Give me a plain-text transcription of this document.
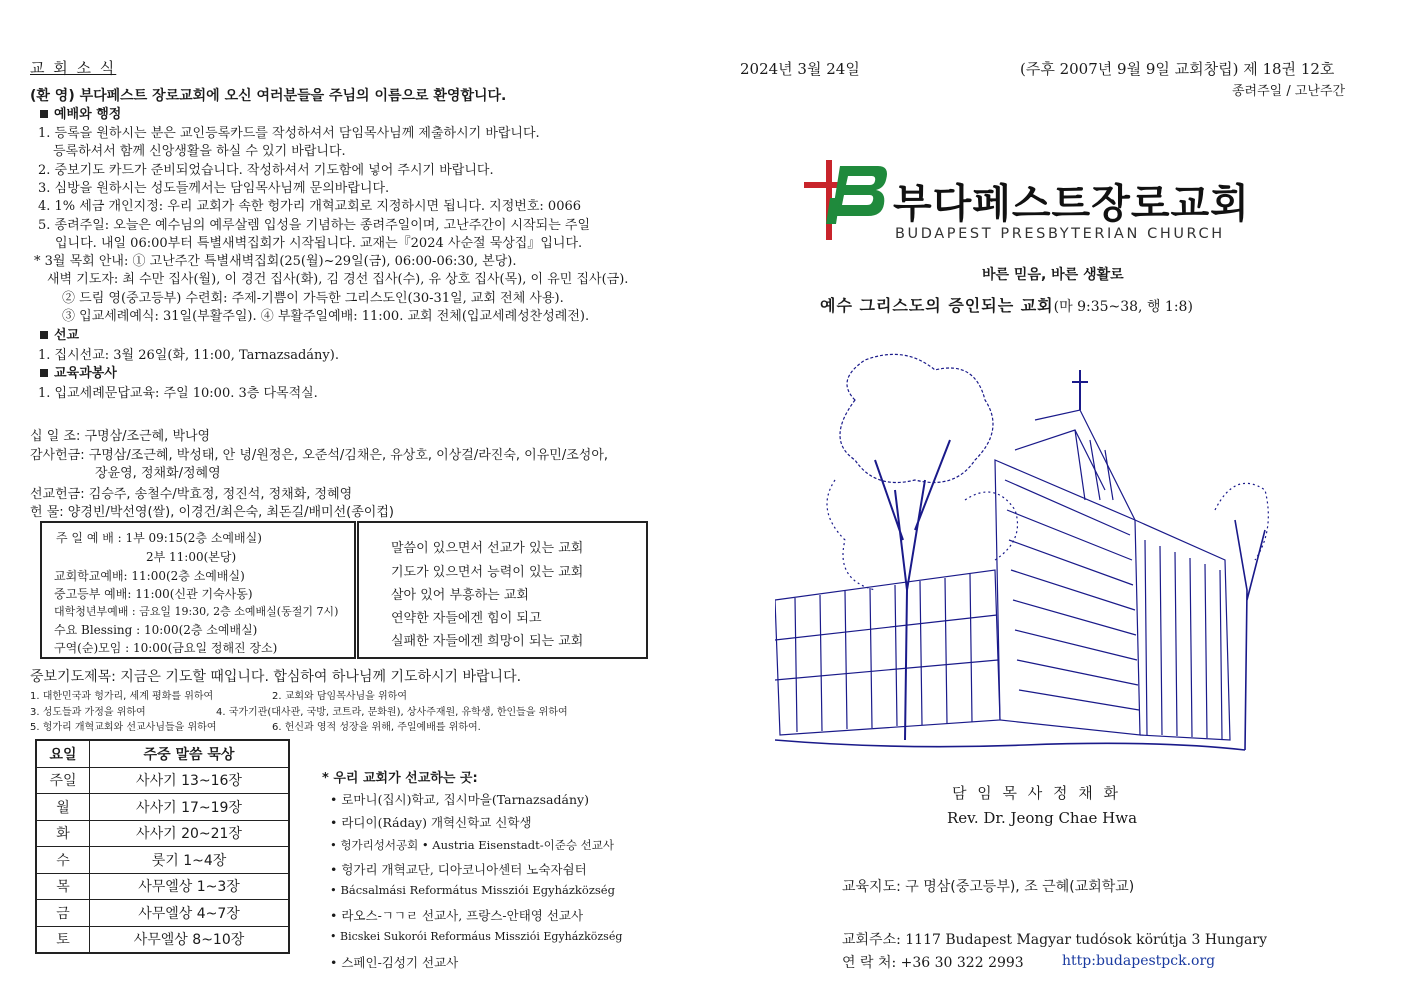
교 회 소 식
(환 영) 부다페스트 장로교회에 오신 여러분들을 주님의 이름으로 환영합니다.
예배와 행정
1. 등록을 원하시는 분은 교인등록카드를 작성하셔서 담임목사님께 제출하시기 바랍니다.
등록하셔서 함께 신앙생활을 하실 수 있기 바랍니다.
2. 중보기도 카드가 준비되었습니다. 작성하셔서 기도함에 넣어 주시기 바랍니다.
3. 심방을 원하시는 성도들께서는 담임목사님께 문의바랍니다.
4. 1% 세금 개인지정: 우리 교회가 속한 헝가리 개혁교회로 지정하시면 됩니다. 지정번호: 0066
5. 종려주일: 오늘은 예수님의 예루살렘 입성을 기념하는 종려주일이며, 고난주간이 시작되는 주일
입니다. 내일 06:00부터 특별새벽집회가 시작됩니다. 교재는『2024 사순절 묵상집』입니다.
* 3월 목회 안내: ① 고난주간 특별새벽집회(25(월)~29일(금), 06:00-06:30, 본당).
새벽 기도자: 최 수만 집사(월), 이 경건 집사(화), 김 경선 집사(수), 유 상호 집사(목), 이 유민 집사(금).
② 드림 영(중고등부) 수련회: 주제-기쁨이 가득한 그리스도인(30-31일, 교회 전체 사용).
③ 입교세례예식: 31일(부활주일). ④ 부활주일예배: 11:00. 교회 전체(입교세례성찬성례전).
선교
1. 집시선교: 3월 26일(화, 11:00, Tarnazsadány).
교육과봉사
1. 입교세례문답교육: 주일 10:00. 3층 다목적실.
십 일 조: 구명삼/조근혜, 박나영
감사헌금: 구명삼/조근혜, 박성태, 안 녕/원정은, 오준석/김채은, 유상호, 이상걸/라진숙, 이유민/조성아,
장윤영, 정채화/정혜영
선교헌금: 김승주, 송철수/박효정, 정진석, 정채화, 정혜영
헌 물: 양경빈/박선영(쌀), 이경건/최은숙, 최돈길/배미선(종이컵)
주 일 예 배 : 1부 09:15(2층 소예배실)
2부 11:00(본당)
교회학교예배: 11:00(2층 소예배실)
중고등부 예배: 11:00(신관 기숙사동)
대학청년부예배 : 금요일 19:30, 2층 소예배실(동절기 7시)
수요 Blessing : 10:00(2층 소예배실)
구역(순)모임 : 10:00(금요일 정해진 장소)
말씀이 있으면서 선교가 있는 교회
기도가 있으면서 능력이 있는 교회
살아 있어 부흥하는 교회
연약한 자들에겐 힘이 되고
실패한 자들에겐 희망이 되는 교회
중보기도제목: 지금은 기도할 때입니다. 합심하여 하나님께 기도하시기 바랍니다.
1. 대한민국과 헝가리, 세계 평화를 위하여	2. 교회와 담임목사님을 위하여
3. 성도들과 가정을 위하여	4. 국가기관(대사관, 국방, 코트라, 문화원), 상사주재원, 유학생, 한인들을 위하여
5. 헝가리 개혁교회와 선교사님들을 위하여	6. 헌신과 영적 성장을 위해, 주일예배를 위하여.
요일	주중 말씀 묵상
주일	사사기 13~16장
월	사사기 17~19장
화	사사기 20~21장
수	룻기 1~4장
목	사무엘상 1~3장
금	사무엘상 4~7장
토	사무엘상 8~10장
* 우리 교회가 선교하는 곳:
• 로마니(집시)학교, 집시마을(Tarnazsadány)
• 라디이(Ráday) 개혁신학교 신학생
• 헝가리성서공회 • Austria Eisenstadt-이준승 선교사
• 헝가리 개혁교단, 디아코니아센터 노숙자쉼터
• Bácsalmási Református Missziói Egyházközség
• 라오스-ㄱㄱㄹ 선교사, 프랑스-안태영 선교사
• Bicskei Sukorói Reformáus Missziói Egyházközség
• 스페인-김성기 선교사
2024년 3월 24일	(주후 2007년 9월 9일 교회창립) 제 18권 12호
종려주일 / 고난주간
부다페스트장로교회
BUDAPEST PRESBYTERIAN CHURCH
바른 믿음, 바른 생활로
예수 그리스도의 증인되는 교회(마 9:35~38, 행 1:8)
담 임 목 사 정 채 화
Rev. Dr. Jeong Chae Hwa
교육지도: 구 명삼(중고등부), 조 근혜(교회학교)
교회주소: 1117 Budapest Magyar tudósok körútja 3 Hungary
연 락 처: +36 30 322 2993	http:budapestpck.org
